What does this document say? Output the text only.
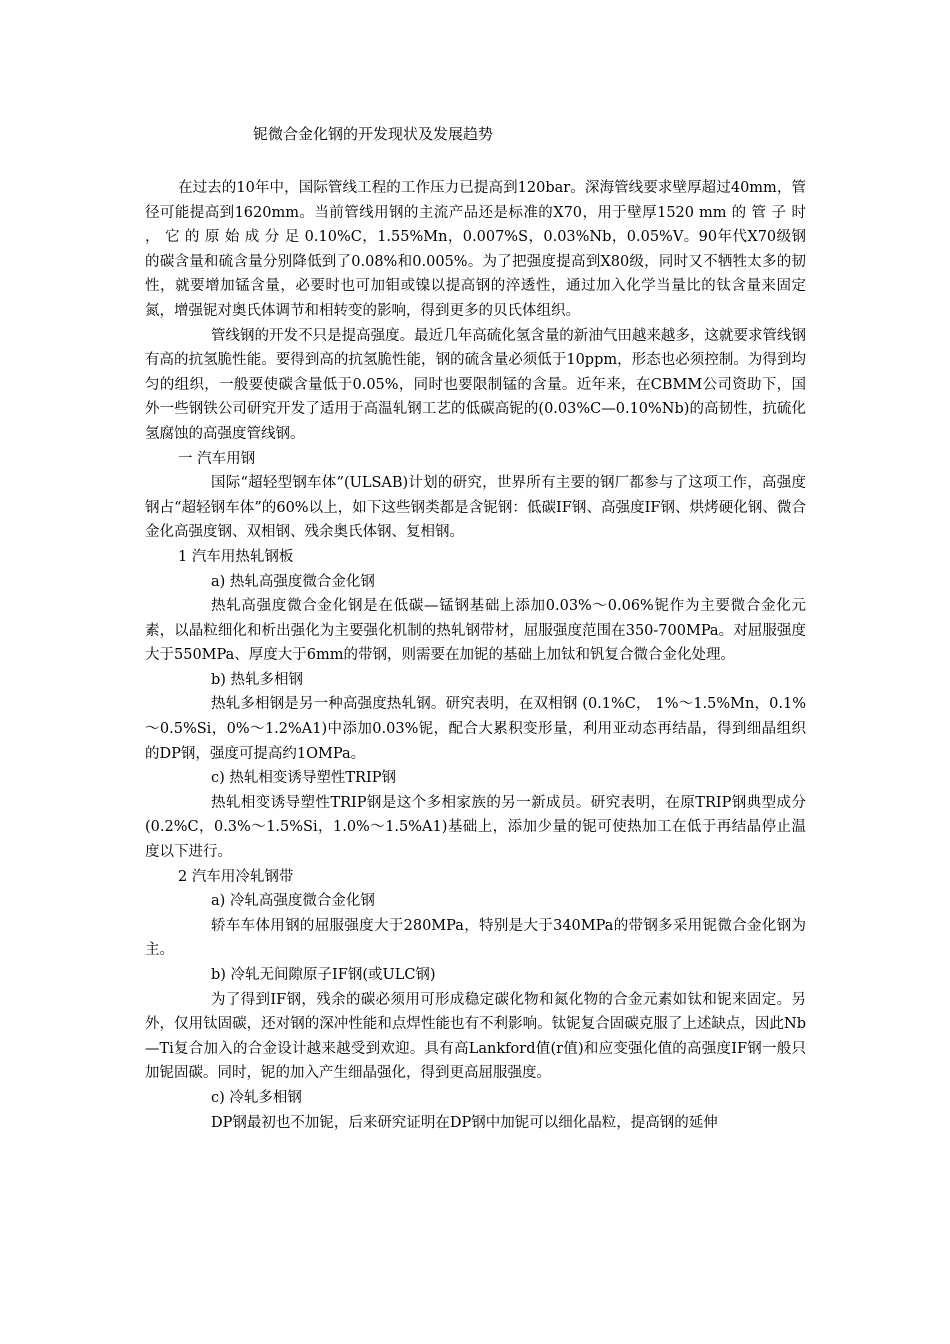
铌微合金化钢的开发现状及发展趋势

在过去的10年中，国际管线工程的工作压力已提高到120bar。深海管线要求壁厚超过40mm，管径可能提高到1620mm。当前管线用钢的主流产品还是标准的X70，用于壁厚1520 mm 的 管 子 时 ， 它 的 原 始 成 分 足 0.10%C，1.55%Mn，0.007%S，0.03%Nb，0.05%V。90年代X70级钢的碳含量和硫含量分别降低到了0.08%和0.005%。为了把强度提高到X80级，同时又不牺牲太多的韧性，就要增加锰含量，必要时也可加钼或镍以提高钢的淬透性，通过加入化学当量比的钛含量来固定氮，增强铌对奥氏体调节和相转变的影响，得到更多的贝氏体组织。

管线钢的开发不只是提高强度。最近几年高硫化氢含量的新油气田越来越多，这就要求管线钢有高的抗氢脆性能。要得到高的抗氢脆性能，钢的硫含量必须低于10ppm，形态也必须控制。为得到均匀的组织，一般要使碳含量低于0.05%，同时也要限制锰的含量。近年来，在CBMM公司资助下，国外一些钢铁公司研究开发了适用于高温轧钢工艺的低碳高铌的(0.03%C—0.10%Nb)的高韧性，抗硫化氢腐蚀的高强度管线钢。

一 汽车用钢

国际“超轻型钢车体”(ULSAB)计划的研究，世界所有主要的钢厂都参与了这项工作，高强度钢占“超轻钢车体”的60%以上，如下这些钢类都是含铌钢：低碳IF钢、高强度IF钢、烘烤硬化钢、微合金化高强度钢、双相钢、残余奥氏体钢、复相钢。

1 汽车用热轧钢板

a) 热轧高强度微合金化钢

热轧高强度微合金化钢是在低碳—锰钢基础上添加0.03%～0.06%铌作为主要微合金化元素，以晶粒细化和析出强化为主要强化机制的热轧钢带材，屈服强度范围在350-700MPa。对屈服强度大于550MPa、厚度大于6mm的带钢，则需要在加铌的基础上加钛和钒复合微合金化处理。

b) 热轧多相钢

热轧多相钢是另一种高强度热轧钢。研究表明，在双相钢 (0.1%C， 1%～1.5%Mn，0.1%～0.5%Si，0%～1.2%A1)中添加0.03%铌，配合大累积变形量，利用亚动态再结晶，得到细晶组织的DP钢，强度可提高约1OMPa。

c) 热轧相变诱导塑性TRIP钢

热轧相变诱导塑性TRIP钢是这个多相家族的另一新成员。研究表明，在原TRIP钢典型成分 (0.2%C，0.3%～1.5%Si，1.0%～1.5%A1)基础上，添加少量的铌可使热加工在低于再结晶停止温度以下进行。

2 汽车用冷轧钢带

a) 冷轧高强度微合金化钢

轿车车体用钢的屈服强度大于280MPa，特别是大于340MPa的带钢多采用铌微合金化钢为主。

b) 冷轧无间隙原子IF钢(或ULC钢)

为了得到IF钢，残余的碳必须用可形成稳定碳化物和氮化物的合金元素如钛和铌来固定。另外，仅用钛固碳，还对钢的深冲性能和点焊性能也有不利影响。钛铌复合固碳克服了上述缺点，因此Nb—Ti复合加入的合金设计越来越受到欢迎。具有高Lankford值(r值)和应变强化值的高强度IF钢一般只加铌固碳。同时，铌的加入产生细晶强化，得到更高屈服强度。

c) 冷轧多相钢

DP钢最初也不加铌，后来研究证明在DP钢中加铌可以细化晶粒，提高钢的延伸
